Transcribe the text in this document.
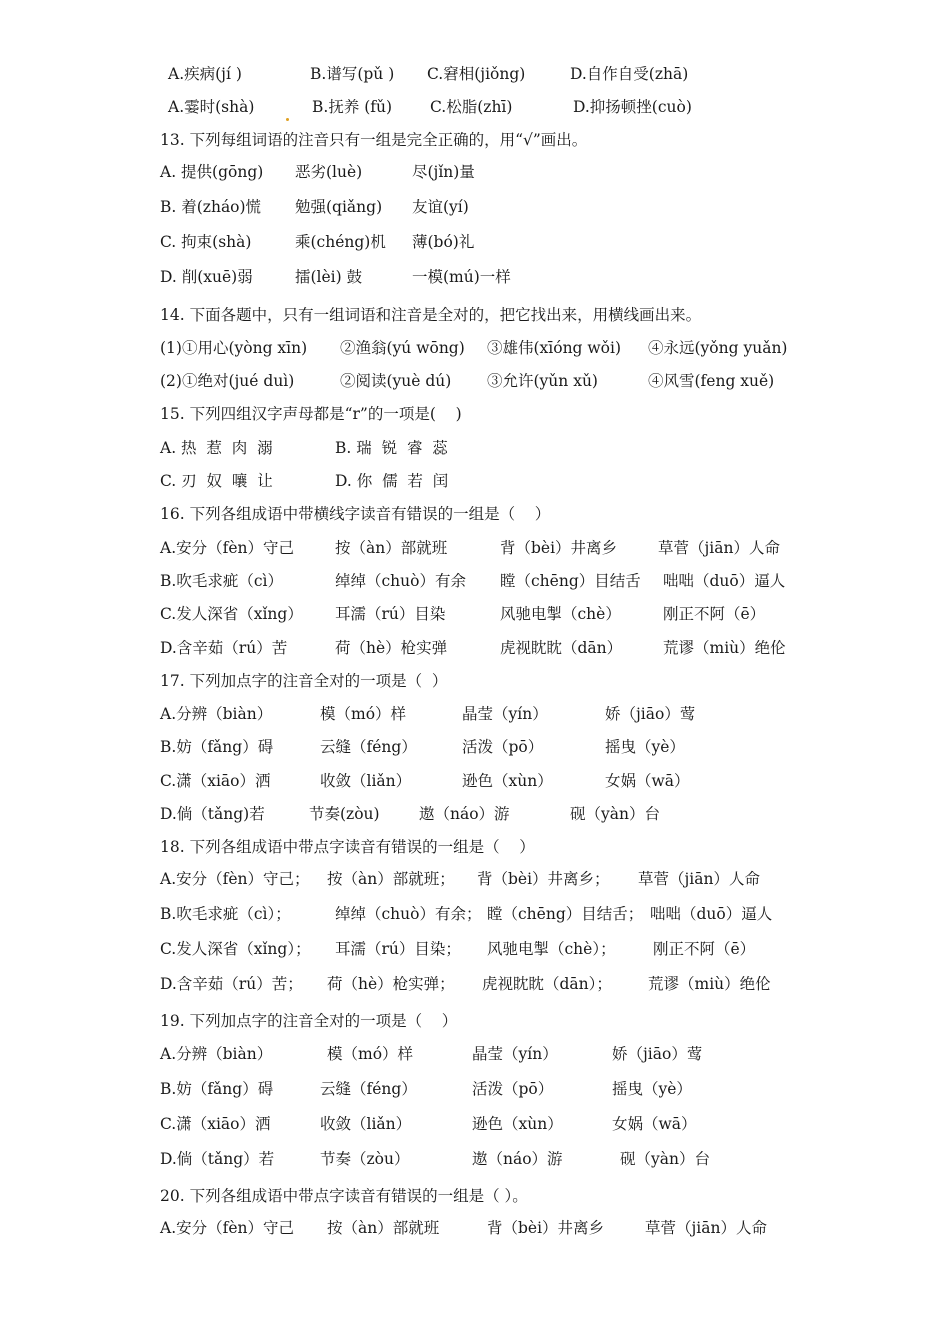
A.疾病(jí )	B.谱写(pǔ ) C.窘相(jiǒng)	D.自作自受(zhā)
A.霎时(shà)	B.抚养 (fǔ) C.松脂(zhī)	D.抑扬顿挫(cuò)
13. 下列每组词语的注音只有一组是完全正确的，用“√”画出。
A. 提供(gōng) 恶劣(luè)	尽(jǐn)量
B. 着(zháo)慌 勉强(qiǎng) 友谊(yí)
C. 拘束(shà)	乘(chéng)机 薄(bó)礼
D. 削(xuē)弱	擂(lèi) 鼓	一模(mú)一样
14. 下面各题中，只有一组词语和注音是全对的，把它找出来，用横线画出来。
(1)①用心(yòng xīn) ②渔翁(yú wōng) ③雄伟(xīóng wǒi) ④永远(yǒng yuǎn)
(2)①绝对(jué duì)	②阅读(yuè dú) ③允许(yǔn xǔ)	④风雪(feng xuě)
15. 下列四组汉字声母都是“r”的一项是(    )
A. 热  惹  肉  溺	B. 瑞  锐  睿  蕊
C. 刃  奴  嚷  让	D. 你  儒  若  闰
16. 下列各组成语中带横线字读音有错误的一组是（    ）
A.安分（fèn）守己	按（àn）部就班	背（bèi）井离乡	草菅（jiān）人命
B.吹毛求疵（cì）	绰绰（chuò）有余 瞠（chēng）目结舌 咄咄（duō）逼人
C.发人深省（xǐng） 耳濡（rú）目染	风驰电掣（chè）	刚正不阿（ē）
D.含辛茹（rú）苦	荷（hè）枪实弹	虎视眈眈（dān）	荒谬（miù）绝伦
17. 下列加点字的注音全对的一项是（  ）
A.分辨（biàn）	模（mó）样	晶莹（yín）	娇（jiāo）莺
B.妨（fǎng）碍	云缝（féng）	活泼（pō）	摇曳（yè）
C.潇（xiāo）洒	收敛（liǎn）	逊色（xùn）	女娲（wā）
D.倘（tǎng)若	节奏(zòu)	遨（náo）游	砚（yàn）台
18. 下列各组成语中带点字读音有错误的一组是（    ）
A.安分（fèn）守己； 按（àn）部就班； 背（bèi）井离乡； 草菅（jiān）人命
B.吹毛求疵（cì）；	绰绰（chuò）有余； 瞠（chēng）目结舌； 咄咄（duō）逼人
C.发人深省（xǐng）； 耳濡（rú）目染； 风驰电掣（chè）； 刚正不阿（ē）
D.含辛茹（rú）苦； 荷（hè）枪实弹； 虎视眈眈（dān）； 荒谬（miù）绝伦
19. 下列加点字的注音全对的一项是（    ）
A.分辨（biàn）	模（mó）样	晶莹（yín）	娇（jiāo）莺
B.妨（fǎng）碍	云缝（féng）	活泼（pō）	摇曳（yè）
C.潇（xiāo）洒	收敛（liǎn）	逊色（xùn）	女娲（wā）
D.倘（tǎng）若	节奏（zòu）	遨（náo）游	砚（yàn）台
20. 下列各组成语中带点字读音有错误的一组是（ ）。
A.安分（fèn）守己 按（àn）部就班	背（bèi）井离乡	草菅（jiān）人命
